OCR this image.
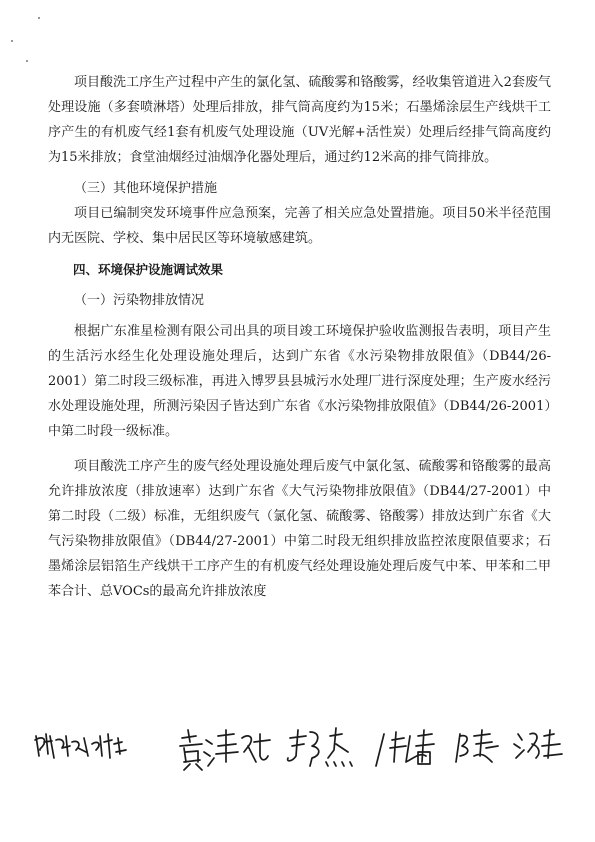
项目酸洗工序生产过程中产生的氯化氢、硫酸雾和铬酸雾，经收集管道进入2套废气处理设施（多套喷淋塔）处理后排放，排气筒高度约为15米；石墨烯涂层生产线烘干工序产生的有机废气经1套有机废气处理设施（UV光解+活性炭）处理后经排气筒高度约为15米排放；食堂油烟经过油烟净化器处理后，通过约12米高的排气筒排放。

（三）其他环境保护措施

项目已编制突发环境事件应急预案，完善了相关应急处置措施。项目50米半径范围内无医院、学校、集中居民区等环境敏感建筑。

四、环境保护设施调试效果

（一）污染物排放情况

根据广东准星检测有限公司出具的项目竣工环境保护验收监测报告表明，项目产生的生活污水经生化处理设施处理后，达到广东省《水污染物排放限值》（DB44/26-2001）第二时段三级标准，再进入博罗县县城污水处理厂进行深度处理；生产废水经污水处理设施处理，所测污染因子皆达到广东省《水污染物排放限值》（DB44/26-2001）中第二时段一级标准。

项目酸洗工序产生的废气经处理设施处理后废气中氯化氢、硫酸雾和铬酸雾的最高允许排放浓度（排放速率）达到广东省《大气污染物排放限值》（DB44/27-2001）中第二时段（二级）标准，无组织废气（氯化氢、硫酸雾、铬酸雾）排放达到广东省《大气污染物排放限值》（DB44/27-2001）中第二时段无组织排放监控浓度限值要求；石墨烯涂层铝箔生产线烘干工序产生的有机废气经处理设施处理后废气中苯、甲苯和二甲苯合计、总VOCs的最高允许排放浓度
